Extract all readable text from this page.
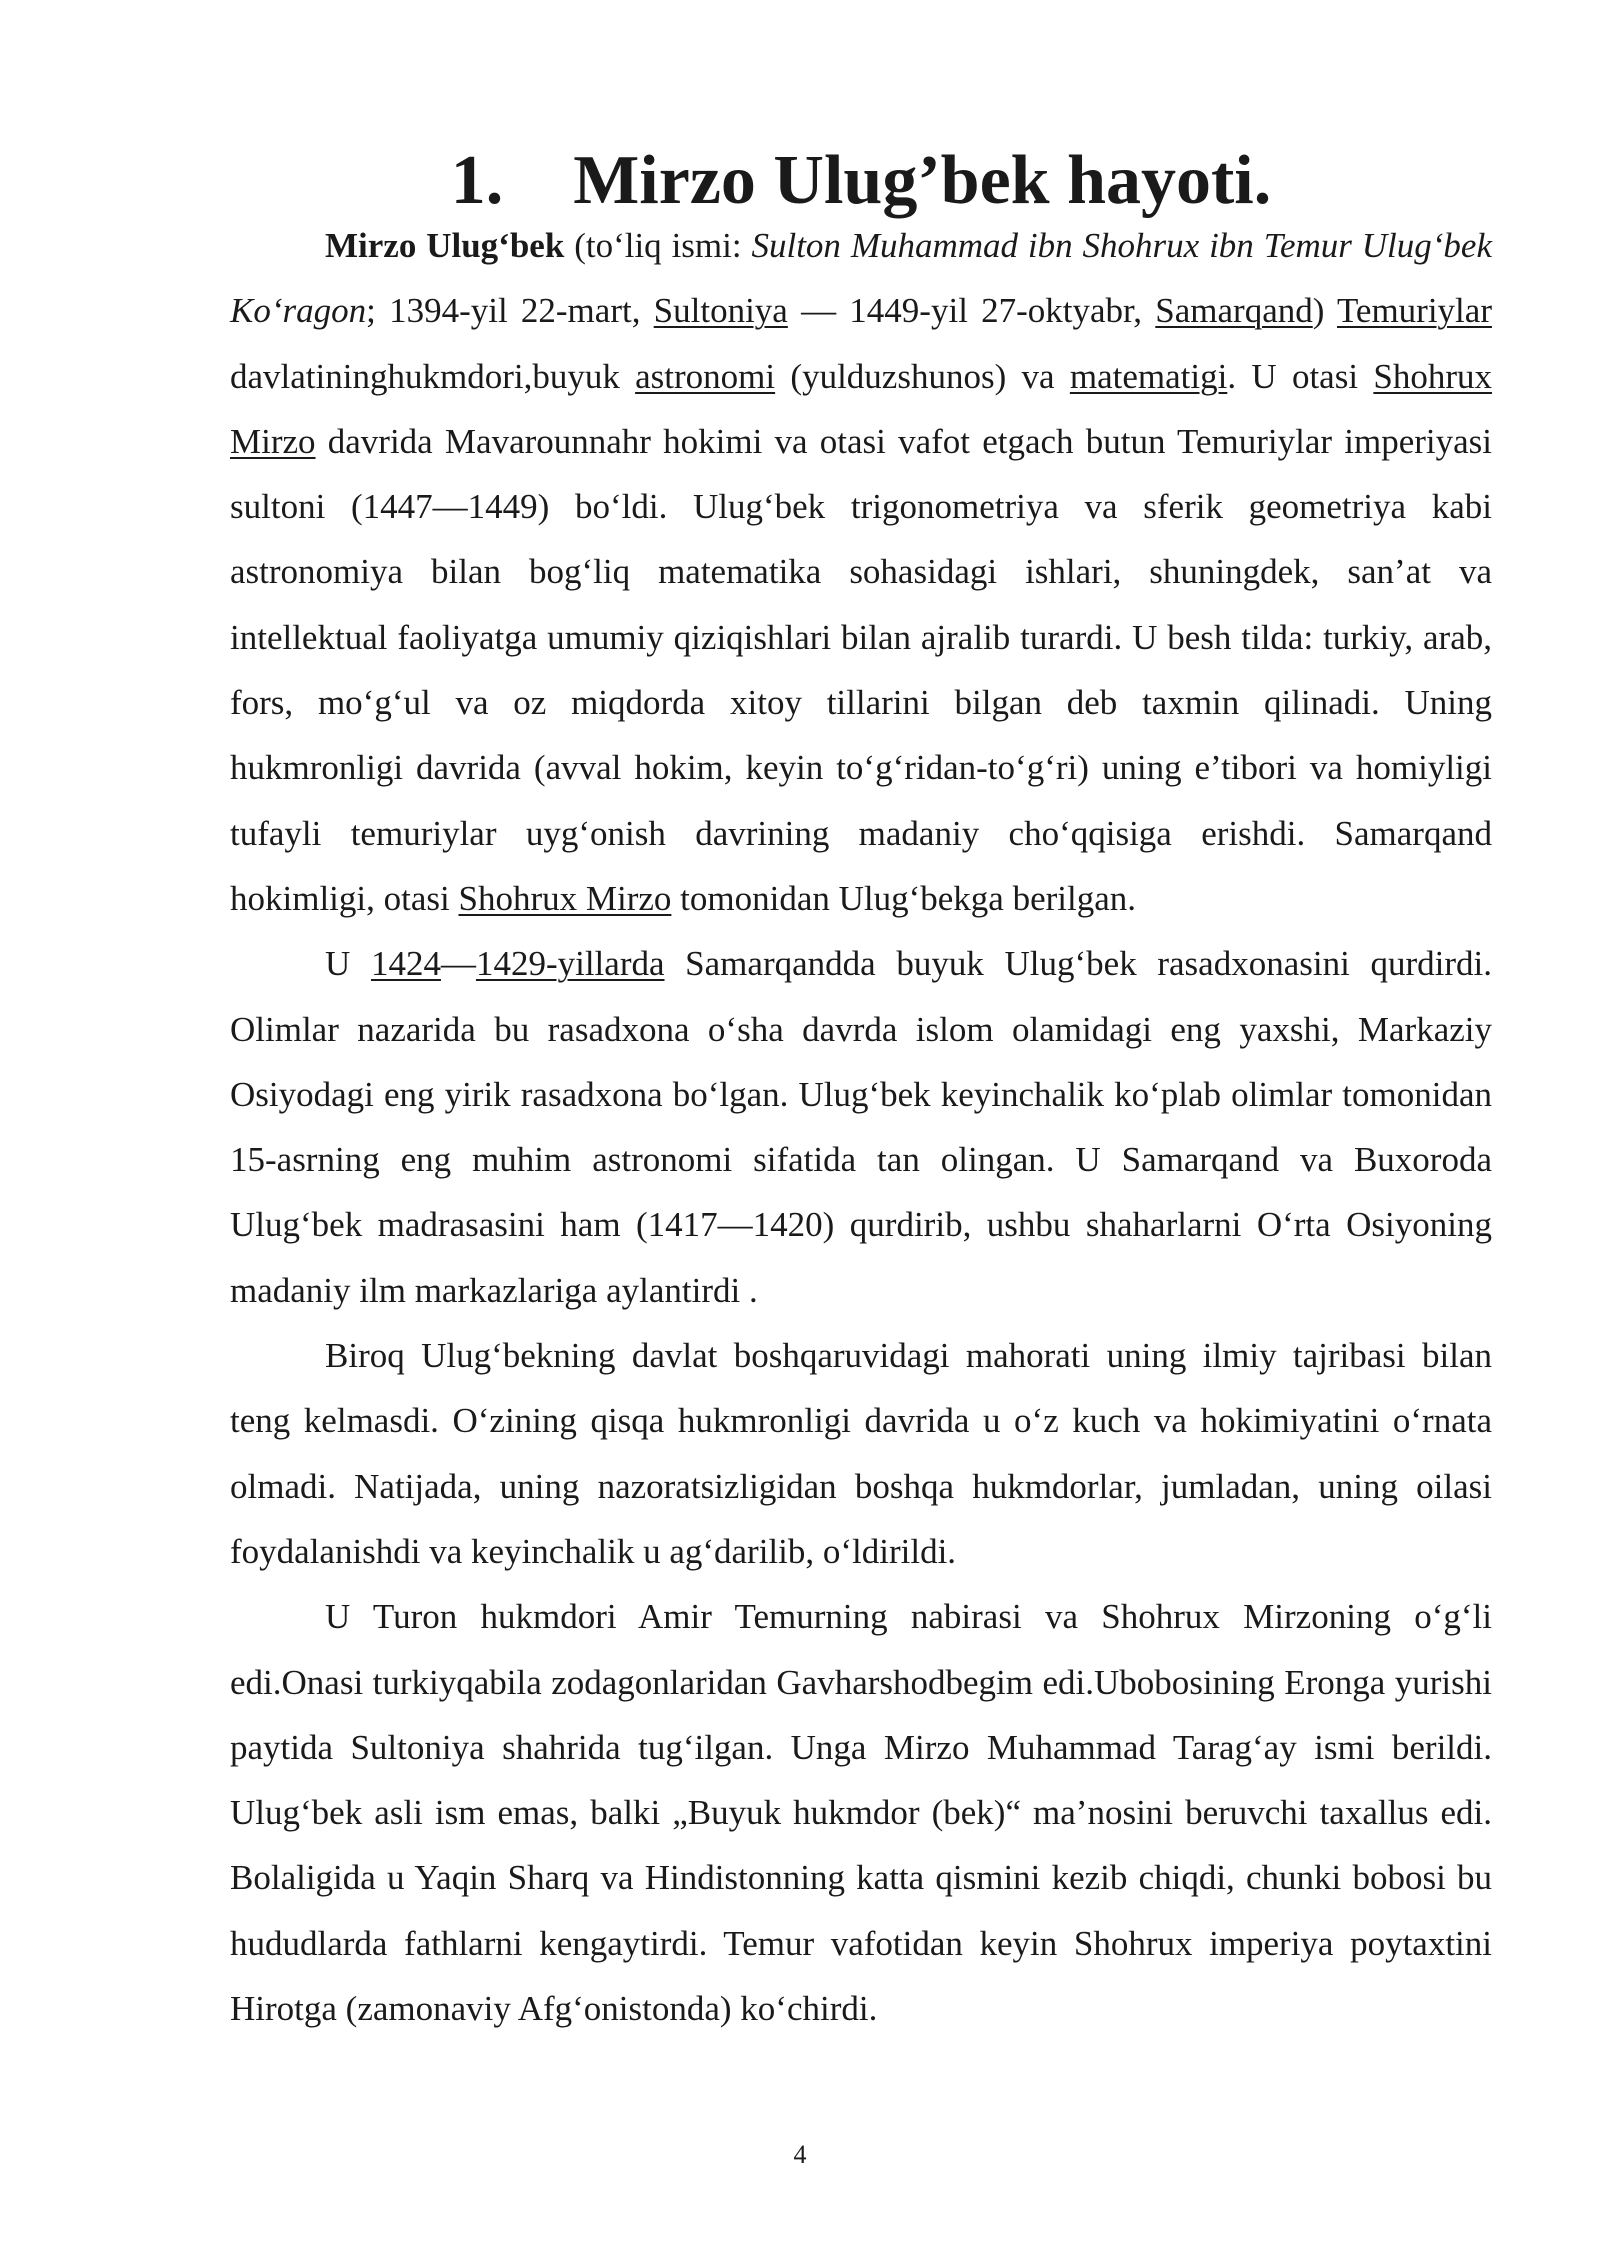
1. Mirzo Ulug’bek hayoti.

Mirzo Ulug‘bek (to‘liq ismi: Sulton Muhammad ibn Shohrux ibn Temur Ulug‘bek Ko‘ragon; 1394-yil 22-mart, Sultoniya — 1449-yil 27-oktyabr, Samarqand) Temuriylar davlatininghukmdori,buyuk astronomi (yulduzshunos) va matematigi. U otasi Shohrux Mirzo davrida Mavarounnahr hokimi va otasi vafot etgach butun Temuriylar imperiyasi sultoni (1447—1449) bo‘ldi. Ulug‘bek trigonometriya va sferik geometriya kabi astronomiya bilan bog‘liq matematika sohasidagi ishlari, shuningdek, san’at va intellektual faoliyatga umumiy qiziqishlari bilan ajralib turardi. U besh tilda: turkiy, arab, fors, mo‘g‘ul va oz miqdorda xitoy tillarini bilgan deb taxmin qilinadi. Uning hukmronligi davrida (avval hokim, keyin to‘g‘ridan-to‘g‘ri) uning e’tibori va homiyligi tufayli temuriylar uyg‘onish davrining madaniy cho‘qqisiga erishdi. Samarqand hokimligi, otasi Shohrux Mirzo tomonidan Ulug‘bekga berilgan.

U 1424—1429-yillarda Samarqandda buyuk Ulug‘bek rasadxonasini qurdirdi. Olimlar nazarida bu rasadxona o‘sha davrda islom olamidagi eng yaxshi, Markaziy Osiyodagi eng yirik rasadxona bo‘lgan. Ulug‘bek keyinchalik ko‘plab olimlar tomonidan 15-asrning eng muhim astronomi sifatida tan olingan. U Samarqand va Buxoroda Ulug‘bek madrasasini ham (1417—1420) qurdirib, ushbu shaharlarni O‘rta Osiyoning madaniy ilm markazlariga aylantirdi .

Biroq Ulug‘bekning davlat boshqaruvidagi mahorati uning ilmiy tajribasi bilan teng kelmasdi. O‘zining qisqa hukmronligi davrida u o‘z kuch va hokimiyatini o‘rnata olmadi. Natijada, uning nazoratsizligidan boshqa hukmdorlar, jumladan, uning oilasi foydalanishdi va keyinchalik u ag‘darilib, o‘ldirildi.

U Turon hukmdori Amir Temurning nabirasi va Shohrux Mirzoning o‘g‘li edi.Onasi turkiyqabila zodagonlaridan Gavharshodbegim edi.Ubobosining Eronga yurishi paytida Sultoniya shahrida tug‘ilgan. Unga Mirzo Muhammad Tarag‘ay ismi berildi. Ulug‘bek asli ism emas, balki „Buyuk hukmdor (bek)“ ma’nosini beruvchi taxallus edi. Bolaligida u Yaqin Sharq va Hindistonning katta qismini kezib chiqdi, chunki bobosi bu hududlarda fathlarni kengaytirdi. Temur vafotidan keyin Shohrux imperiya poytaxtini Hirotga (zamonaviy Afg‘onistonda) ko‘chirdi.

4
